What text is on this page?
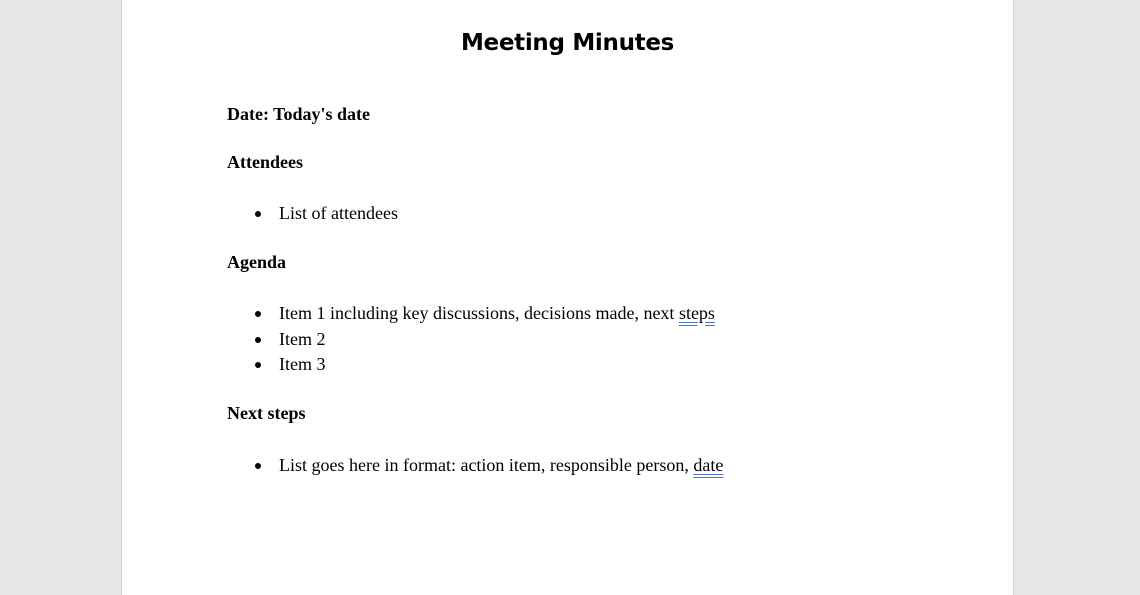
Meeting Minutes

Date: Today's date

Attendees

List of attendees

Agenda

Item 1 including key discussions, decisions made, next steps
Item 2
Item 3

Next steps

List goes here in format: action item, responsible person, date
